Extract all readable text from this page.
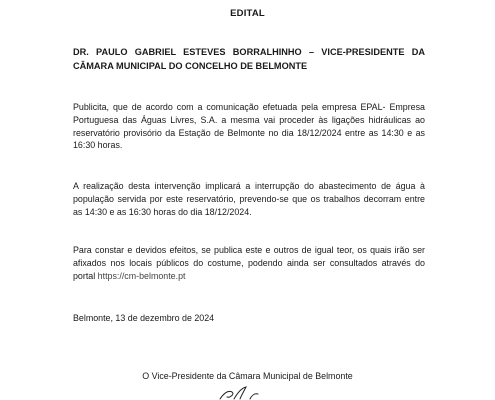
EDITAL

DR. PAULO GABRIEL ESTEVES BORRALHINHO – VICE-PRESIDENTE DA CÂMARA MUNICIPAL DO CONCELHO DE BELMONTE

Publicita, que de acordo com a comunicação efetuada pela empresa EPAL- Empresa Portuguesa das Águas Livres, S.A. a mesma vai proceder às ligações hidráulicas ao reservatório provisório da Estação de Belmonte no dia 18/12/2024 entre as 14:30 e as 16:30 horas.

A realização desta intervenção implicará a interrupção do abastecimento de água à população servida por este reservatório, prevendo-se que os trabalhos decorram entre as 14:30 e as 16:30 horas do dia 18/12/2024.

Para constar e devidos efeitos, se publica este e outros de igual teor, os quais irão ser afixados nos locais públicos do costume, podendo ainda ser consultados através do portal https://cm-belmonte.pt

Belmonte, 13 de dezembro de 2024

O Vice-Presidente da Câmara Municipal de Belmonte
